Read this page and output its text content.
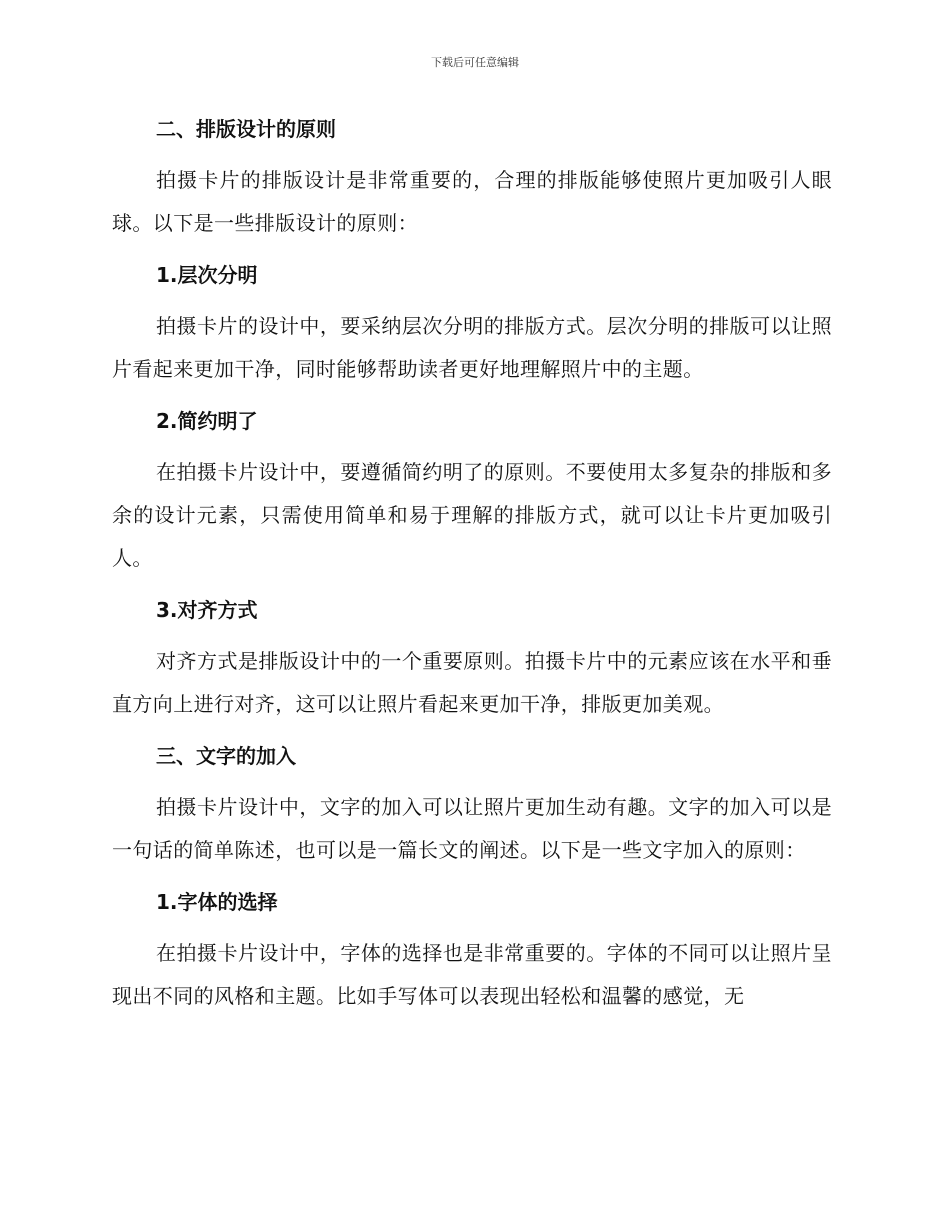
下载后可任意编辑
二、排版设计的原则
拍摄卡片的排版设计是非常重要的，合理的排版能够使照片更加吸引人眼球。以下是一些排版设计的原则：
1.层次分明
拍摄卡片的设计中，要采纳层次分明的排版方式。层次分明的排版可以让照片看起来更加干净，同时能够帮助读者更好地理解照片中的主题。
2.简约明了
在拍摄卡片设计中，要遵循简约明了的原则。不要使用太多复杂的排版和多余的设计元素，只需使用简单和易于理解的排版方式，就可以让卡片更加吸引人。
3.对齐方式
对齐方式是排版设计中的一个重要原则。拍摄卡片中的元素应该在水平和垂直方向上进行对齐，这可以让照片看起来更加干净，排版更加美观。
三、文字的加入
拍摄卡片设计中，文字的加入可以让照片更加生动有趣。文字的加入可以是一句话的简单陈述，也可以是一篇长文的阐述。以下是一些文字加入的原则：
1.字体的选择
在拍摄卡片设计中，字体的选择也是非常重要的。字体的不同可以让照片呈现出不同的风格和主题。比如手写体可以表现出轻松和温馨的感觉，无
